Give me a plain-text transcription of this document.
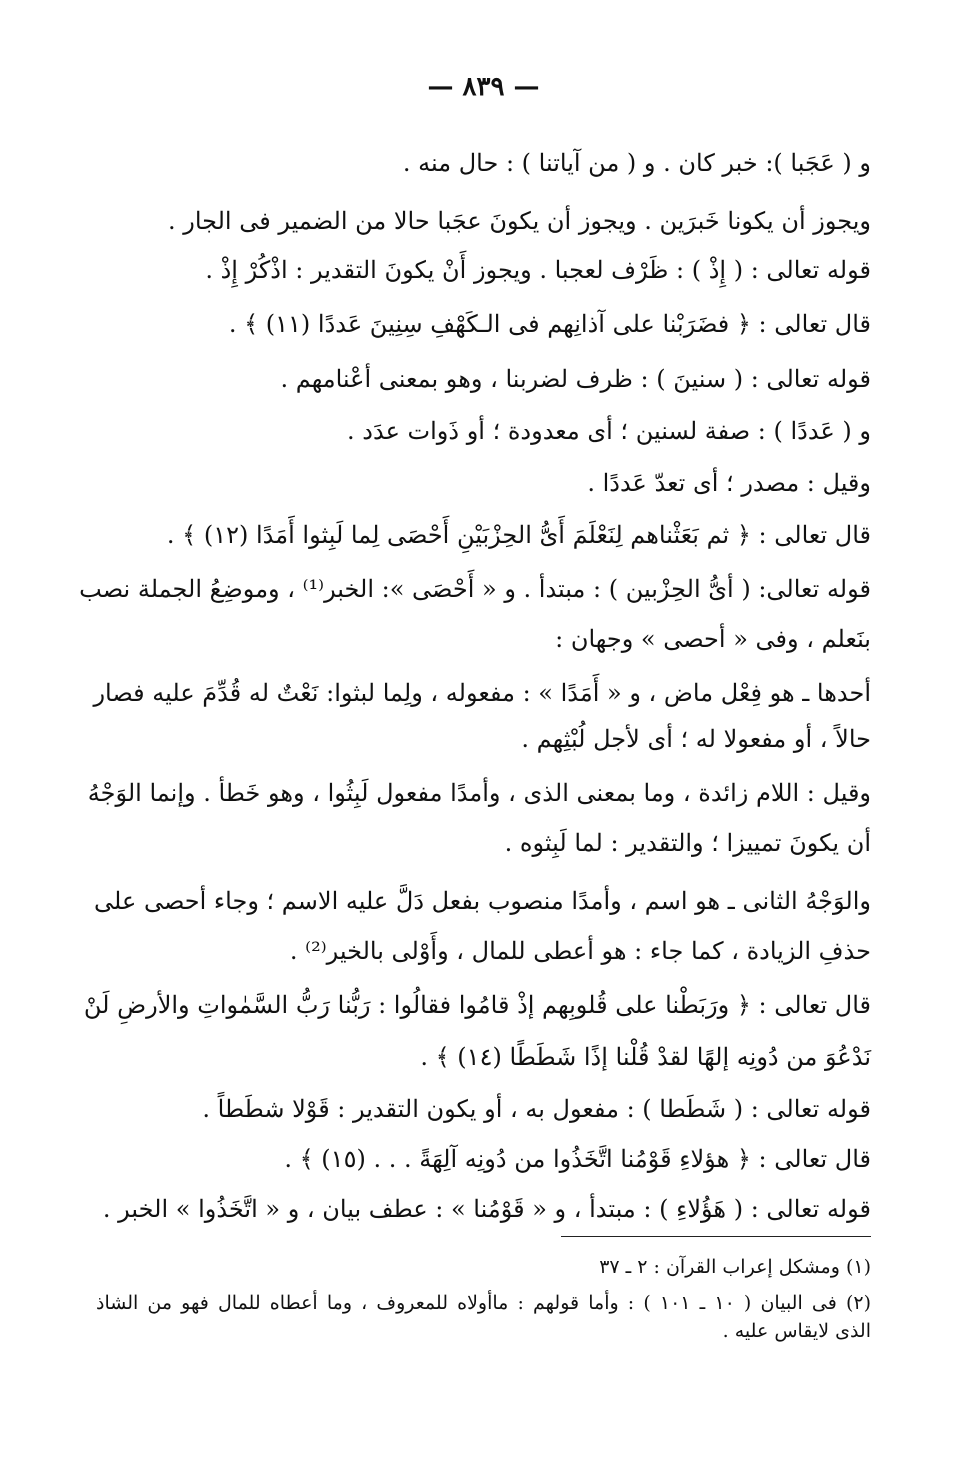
— ٨٣٩ —
و ( عَجَبا ): خبر كان . و ( من آياتنا ) : حال منه .
ويجوز أن يكونا خَبرَين . ويجوز أن يكونَ عجَبا حالا من الضمير فى الجار .
قوله تعالى : ( إِذْ ) : ظَرْف لعجبا . ويجوز أَنْ يكونَ التقدير : اذْكُرْ إِذْ .
قال تعالى : ﴿ فضَرَبْنا على آذانِهم فى الـكَهْفِ سِنِينَ عَددًا (١١) ﴾ .
قوله تعالى : ( سنينَ ) : ظرف لضربنا ، وهو بمعنى أعْنامهم .
و ( عَددًا ) : صفة لسنين ؛ أى معدودة ؛ أو ذَوات عدَد .
وقيل : مصدر ؛ أى تعدّ عَددًا .
قال تعالى : ﴿ ثم بَعَثْناهم لِنَعْلَمَ أَىُّ الحِزْبَيْنِ أَحْصَى لِما لَبِثوا أَمَدًا (١٢) ﴾ .
قوله تعالى: ( أىُّ الحِزْبين ) : مبتدأ . و « أَحْصَى »: الخبر⁽¹⁾ ، وموضِعُ الجملة نصب
بنَعلم ، وفى « أحصى » وجهان :
أحدها ـ هو فِعْل ماض ، و « أَمَدًا » : مفعوله ، ولِما لبثوا: نَعْتٌ له قُدِّمَ عليه فصار
حالاً ، أو مفعولا له ؛ أى لأجل لُبْثِهم .
وقيل : اللام زائدة ، وما بمعنى الذى ، وأمدًا مفعول لَبِثُوا ، وهو خَطأ . وإنما الوَجْهُ
أن يكونَ تمييزا ؛ والتقدير : لما لَبِثوه .
والوَجْهُ الثانى ـ هو اسم ، وأمدًا منصوب بفعل دَلَّ عليه الاسم ؛ وجاء أحصى على
حذفِ الزيادة ، كما جاء : هو أعطى للمال ، وأَوْلى بالخير⁽²⁾ .
قال تعالى : ﴿ ورَبَطْنا على قُلوبِهم إذْ قامُوا فقالُوا : رَبُّنا رَبُّ السَّمٰواتِ والأرضِ لَنْ
نَدْعُوَ من دُونِه إلهًا لقدْ قُلْنا إذًا شَطَطًا (١٤) ﴾ .
قوله تعالى : ( شَطَطا ) : مفعول به ، أو يكون التقدير : قَوْلا شطَطاً .
قال تعالى : ﴿ هؤلاءِ قَوْمُنا اتَّخَذُوا من دُونِه آلِهَةً . . . (١٥) ﴾ .
قوله تعالى : ( هَؤُلاءِ ) : مبتدأ ، و « قَوْمُنا » : عطف بيان ، و « اتَّخَذُوا » الخبر .
(١) ومشكل إعراب القرآن : ٢ ـ ٣٧
(٢) فى البيان ( ١٠ ـ ١٠١ ) : وأما قولهم : ماأولاه للمعروف ، وما أعطاه للمال فهو من الشاذ
الذى لايقاس عليه .
